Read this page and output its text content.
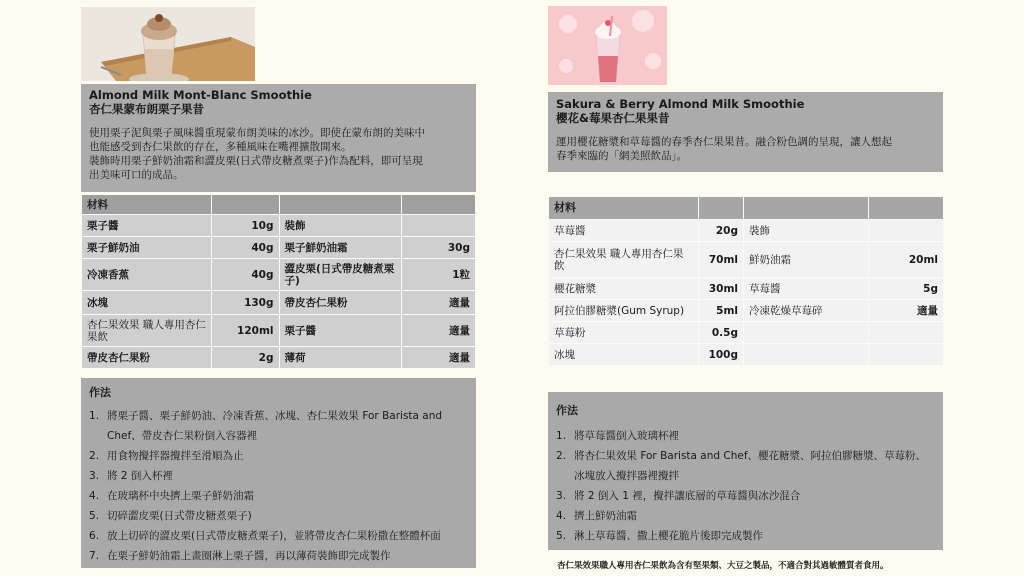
Almond Milk Mont-Blanc Smoothie
杏仁果蒙布朗栗子果昔

使用栗子泥與栗子風味醬重現蒙布朗美味的冰沙。即使在蒙布朗的美味中

也能感受到杏仁果飲的存在，多種風味在嘴裡擴散開來。

裝飾時用栗子鮮奶油霜和澀皮栗(日式帶皮糖煮栗子)作為配料，即可呈現

出美味可口的成品。

材料			
栗子醬	10g	裝飾	
栗子鮮奶油	40g	栗子鮮奶油霜	30g
冷凍香蕉	40g	澀皮栗(日式帶皮糖煮栗子)	1粒
冰塊	130g	帶皮杏仁果粉	適量
杏仁果效果 職人專用杏仁果飲	120ml	栗子醬	適量
帶皮杏仁果粉	2g	薄荷	適量
作法
1 .	將栗子醬、栗子鮮奶油、冷凍香蕉、冰塊、杏仁果效果 For Barista and Chef、帶皮杏仁果粉倒入容器裡
2 .	用食物攪拌器攪拌至滑順為止
3 .	將 2 倒入杯裡
4 .	在玻璃杯中央擠上栗子鮮奶油霜
5 .	切碎澀皮栗(日式帶皮糖煮栗子)
6 .	放上切碎的澀皮栗(日式帶皮糖煮栗子)，並將帶皮杏仁果粉撒在整體杯面
7 .	在栗子鮮奶油霜上畫圈淋上栗子醬，再以薄荷裝飾即完成製作
Sakura & Berry Almond Milk Smoothie
櫻花&莓果杏仁果果昔

運用櫻花糖漿和草莓醬的春季杏仁果果昔。融合粉色調的呈現，讓人想起

春季來臨的「網美照飲品」。

材料			
草莓醬	20g	裝飾	
杏仁果效果 職人專用杏仁果飲	70ml	鮮奶油霜	20ml
櫻花糖漿	30ml	草莓醬	5g
阿拉伯膠糖漿(Gum Syrup)	5ml	冷凍乾燥草莓碎	適量
草莓粉	0.5g		
冰塊	100g		
作法
1 .	將草莓醬倒入玻璃杯裡
2 .	將杏仁果效果 For Barista and Chef、櫻花糖漿、阿拉伯膠糖漿、草莓粉、冰塊放入攪拌器裡攪拌
3 .	將 2 倒入 1 裡，攪拌讓底層的草莓醬與冰沙混合
4 .	擠上鮮奶油霜
5 .	淋上草莓醬、撒上櫻花脆片後即完成製作
杏仁果效果職人專用杏仁果飲為含有堅果類、大豆之製品，不適合對其過敏體質者食用。
